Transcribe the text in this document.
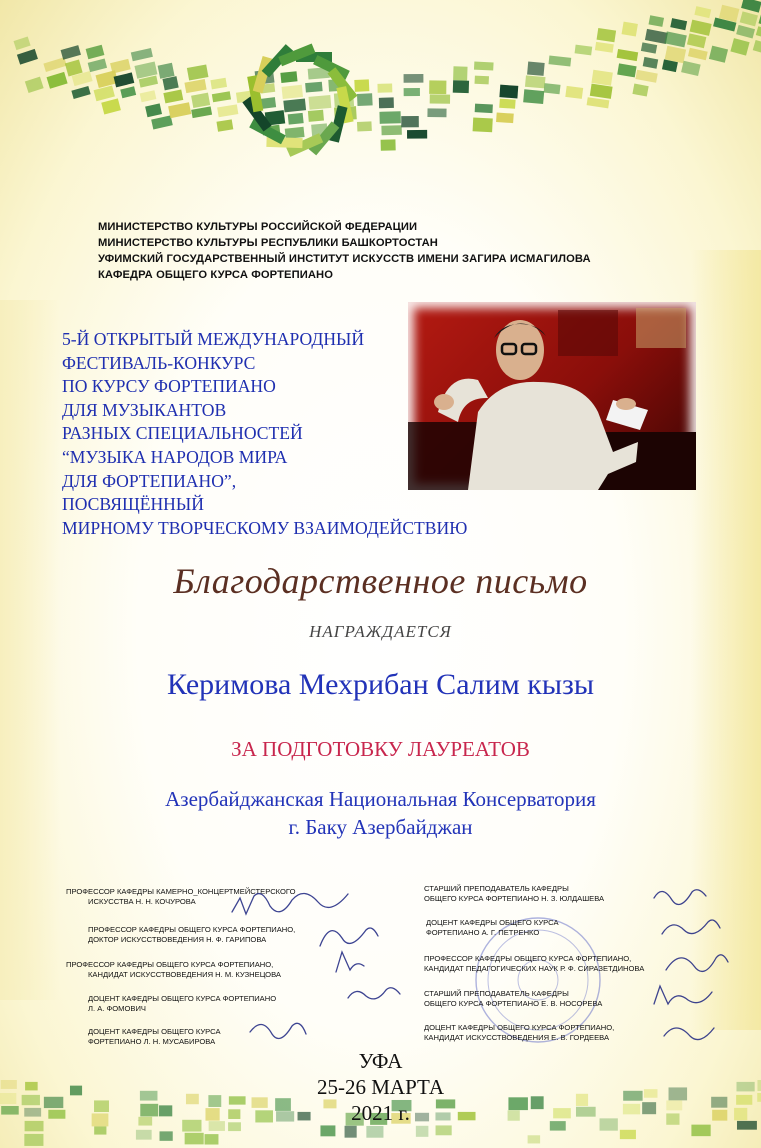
МИНИСТЕРСТВО КУЛЬТУРЫ РОССИЙСКОЙ ФЕДЕРАЦИИ
МИНИСТЕРСТВО КУЛЬТУРЫ РЕСПУБЛИКИ БАШКОРТОСТАН
УФИМСКИЙ ГОСУДАРСТВЕННЫЙ ИНСТИТУТ ИСКУССТВ ИМЕНИ ЗАГИРА ИСМАГИЛОВА
КАФЕДРА ОБЩЕГО КУРСА ФОРТЕПИАНО
5-Й ОТКРЫТЫЙ МЕЖДУНАРОДНЫЙ
ФЕСТИВАЛЬ-КОНКУРС
ПО КУРСУ ФОРТЕПИАНО
ДЛЯ МУЗЫКАНТОВ
РАЗНЫХ СПЕЦИАЛЬНОСТЕЙ
“МУЗЫКА НАРОДОВ МИРА
ДЛЯ ФОРТЕПИАНО”,
ПОСВЯЩЁННЫЙ
МИРНОМУ ТВОРЧЕСКОМУ ВЗАИМОДЕЙСТВИЮ
Благодарственное письмо
НАГРАЖДАЕТСЯ
Керимова Мехрибан Салим кызы
ЗА ПОДГОТОВКУ ЛАУРЕАТОВ
Азербайджанская Национальная Консерватория
г. Баку Азербайджан
ПРОФЕССОР КАФЕДРЫ КАМЕРНО_КОНЦЕРТМЕЙСТЕРСКОГО
ИСКУССТВА Н. Н. КОЧУРОВА
ПРОФЕССОР КАФЕДРЫ ОБЩЕГО КУРСА ФОРТЕПИАНО,
ДОКТОР ИСКУССТВОВЕДЕНИЯ Н. Ф. ГАРИПОВА
ПРОФЕССОР КАФЕДРЫ ОБЩЕГО КУРСА ФОРТЕПИАНО,
КАНДИДАТ ИСКУССТВОВЕДЕНИЯ Н. М. КУЗНЕЦОВА
ДОЦЕНТ КАФЕДРЫ ОБЩЕГО КУРСА ФОРТЕПИАНО
Л. А. ФОМОВИЧ
ДОЦЕНТ КАФЕДРЫ ОБЩЕГО КУРСА
ФОРТЕПИАНО Л. Н. МУСАБИРОВА
СТАРШИЙ ПРЕПОДАВАТЕЛЬ КАФЕДРЫ
ОБЩЕГО КУРСА ФОРТЕПИАНО Н. З. ЮЛДАШЕВА
ДОЦЕНТ КАФЕДРЫ ОБЩЕГО КУРСА
ФОРТЕПИАНО А. Г. ПЕТРЕНКО
ПРОФЕССОР КАФЕДРЫ ОБЩЕГО КУРСА ФОРТЕПИАНО,
КАНДИДАТ ПЕДАГОГИЧЕСКИХ НАУК Р. Ф. СИРАЗЕТДИНОВА
СТАРШИЙ ПРЕПОДАВАТЕЛЬ КАФЕДРЫ
ОБЩЕГО КУРСА ФОРТЕПИАНО Е. В. НОСОРЕВА
ДОЦЕНТ КАФЕДРЫ ОБЩЕГО КУРСА ФОРТЕПИАНО,
КАНДИДАТ ИСКУССТВОВЕДЕНИЯ Е. В. ГОРДЕЕВА
УФА
25-26 МАРТА
2021 г.
